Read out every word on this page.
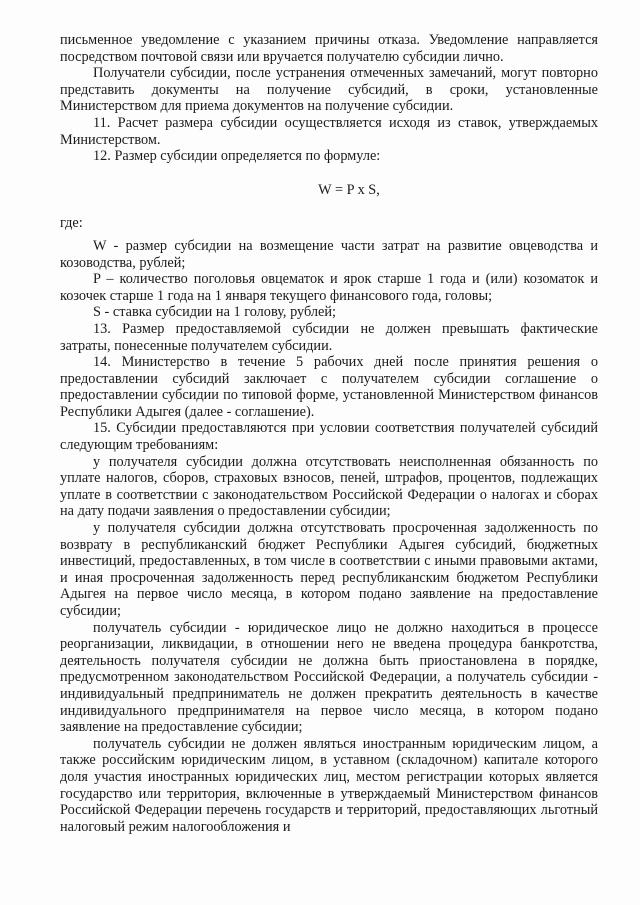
письменное уведомление с указанием причины отказа. Уведомление направляется посредством почтовой связи или вручается получателю субсидии лично.

Получатели субсидии, после устранения отмеченных замечаний, могут повторно представить документы на получение субсидий, в сроки, установленные Министерством для приема документов на получение субсидии.

11. Расчет размера субсидии осуществляется исходя из ставок, утверждаемых Министерством.

12. Размер субсидии определяется по формуле:

W = P x S,

где:

W - размер субсидии на возмещение части затрат на развитие овцеводства и козоводства, рублей;

P – количество поголовья овцематок и ярок старше 1 года и (или) козоматок и козочек старше 1 года на 1 января текущего финансового года, головы;

S - ставка субсидии на 1 голову, рублей;

13. Размер предоставляемой субсидии не должен превышать фактические затраты, понесенные получателем субсидии.

14. Министерство в течение 5 рабочих дней после принятия решения о предоставлении субсидий заключает с получателем субсидии соглашение о предоставлении субсидии по типовой форме, установленной Министерством финансов Республики Адыгея (далее - соглашение).

15. Субсидии предоставляются при условии соответствия получателей субсидий следующим требованиям:

у получателя субсидии должна отсутствовать неисполненная обязанность по уплате налогов, сборов, страховых взносов, пеней, штрафов, процентов, подлежащих уплате в соответствии с законодательством Российской Федерации о налогах и сборах на дату подачи заявления о предоставлении субсидии;

у получателя субсидии должна отсутствовать просроченная задолженность по возврату в республиканский бюджет Республики Адыгея субсидий, бюджетных инвестиций, предоставленных, в том числе в соответствии с иными правовыми актами, и иная просроченная задолженность перед республиканским бюджетом Республики Адыгея на первое число месяца, в котором подано заявление на предоставление субсидии;

получатель субсидии - юридическое лицо не должно находиться в процессе реорганизации, ликвидации, в отношении него не введена процедура банкротства, деятельность получателя субсидии не должна быть приостановлена в порядке, предусмотренном законодательством Российской Федерации, а получатель субсидии - индивидуальный предприниматель не должен прекратить деятельность в качестве индивидуального предпринимателя на первое число месяца, в котором подано заявление на предоставление субсидии;

получатель субсидии не должен являться иностранным юридическим лицом, а также российским юридическим лицом, в уставном (складочном) капитале которого доля участия иностранных юридических лиц, местом регистрации которых является государство или территория, включенные в утверждаемый Министерством финансов Российской Федерации перечень государств и территорий, предоставляющих льготный налоговый режим налогообложения и
